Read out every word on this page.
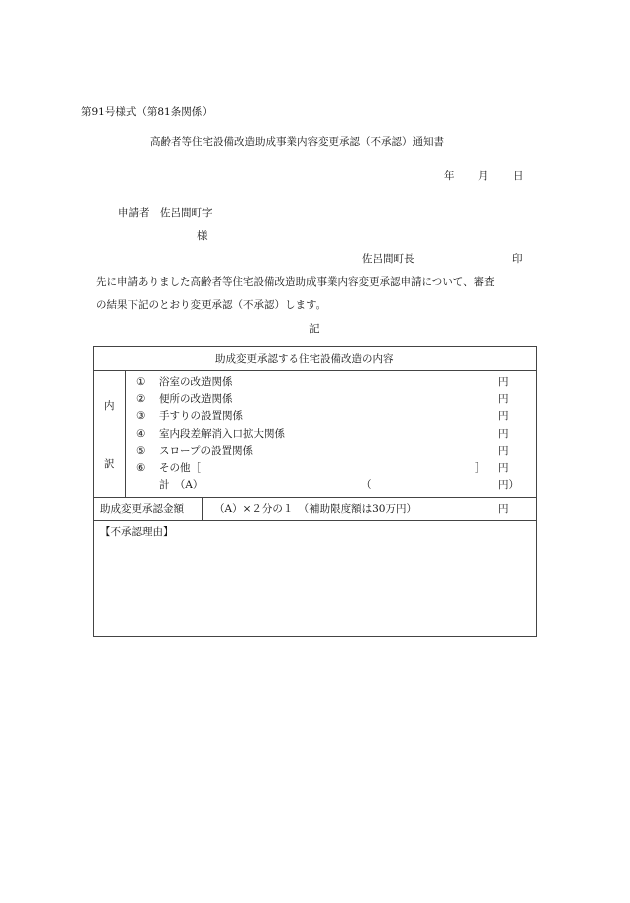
第91号様式（第81条関係）
高齢者等住宅設備改造助成事業内容変更承認（不承認）通知書
年 月 日
申請者　佐呂間町字
様
佐呂間町長	印
先に申請ありました高齢者等住宅設備改造助成事業内容変更承認申請について、審査
の結果下記のとおり変更承認（不承認）します。
記
助成変更承認する住宅設備改造の内容
内
訳
① 浴室の改造関係	円
② 便所の改造関係	円
③ 手すりの設置関係	円
④ 室内段差解消入口拡大関係	円
⑤ スロープの設置関係	円
⑥ その他［	］ 円
計　（A）	（	円）
助成変更承認金額	（A）×２分の１　（補助限度額は30万円）	円
【不承認理由】
